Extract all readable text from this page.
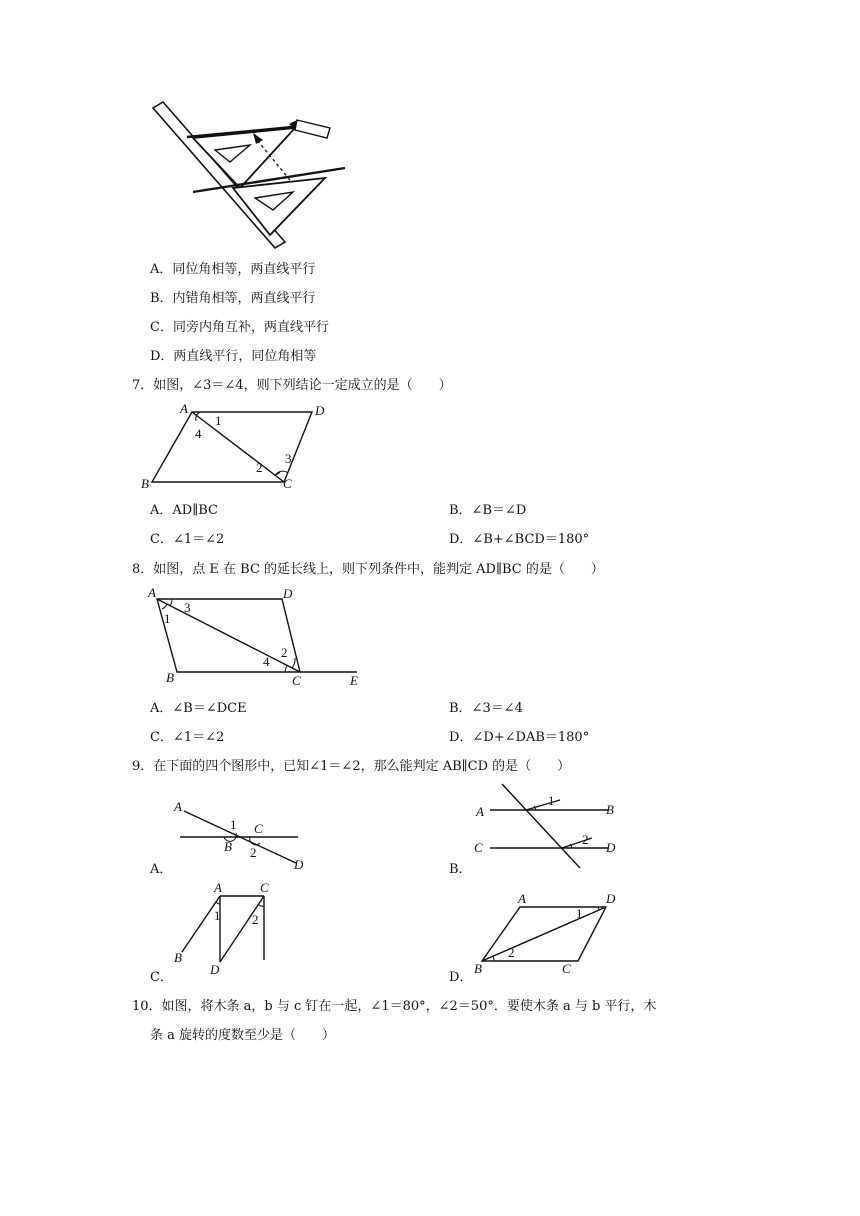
A．同位角相等，两直线平行
B．内错角相等，两直线平行
C．同旁内角互补，两直线平行
D．两直线平行，同位角相等
7．如图，∠3＝∠4，则下列结论一定成立的是（　　）
A	D
B	C
1
4
2
3
A．AD∥BC	B．∠B＝∠D
C．∠1＝∠2	D．∠B+∠BCD＝180°
8．如图，点 E 在 BC 的延长线上，则下列条件中，能判定 AD∥BC 的是（　　）
A	D
B	C	E
3
1
2
4
A．∠B＝∠DCE	B．∠3＝∠4
C．∠1＝∠2	D．∠D+∠DAB＝180°
9．在下面的四个图形中，已知∠1＝∠2，那么能判定 AB∥CD 的是（　　）
A
B
C
D
1
2
A．
A	B
C	D
1
2
B．
A	C
B
D
1 2
C．
A	D
B	C
1
2
D．
10．如图，将木条 a，b 与 c 钉在一起，∠1＝80°，∠2＝50°．要使木条 a 与 b 平行，木
条 a 旋转的度数至少是（　　）
